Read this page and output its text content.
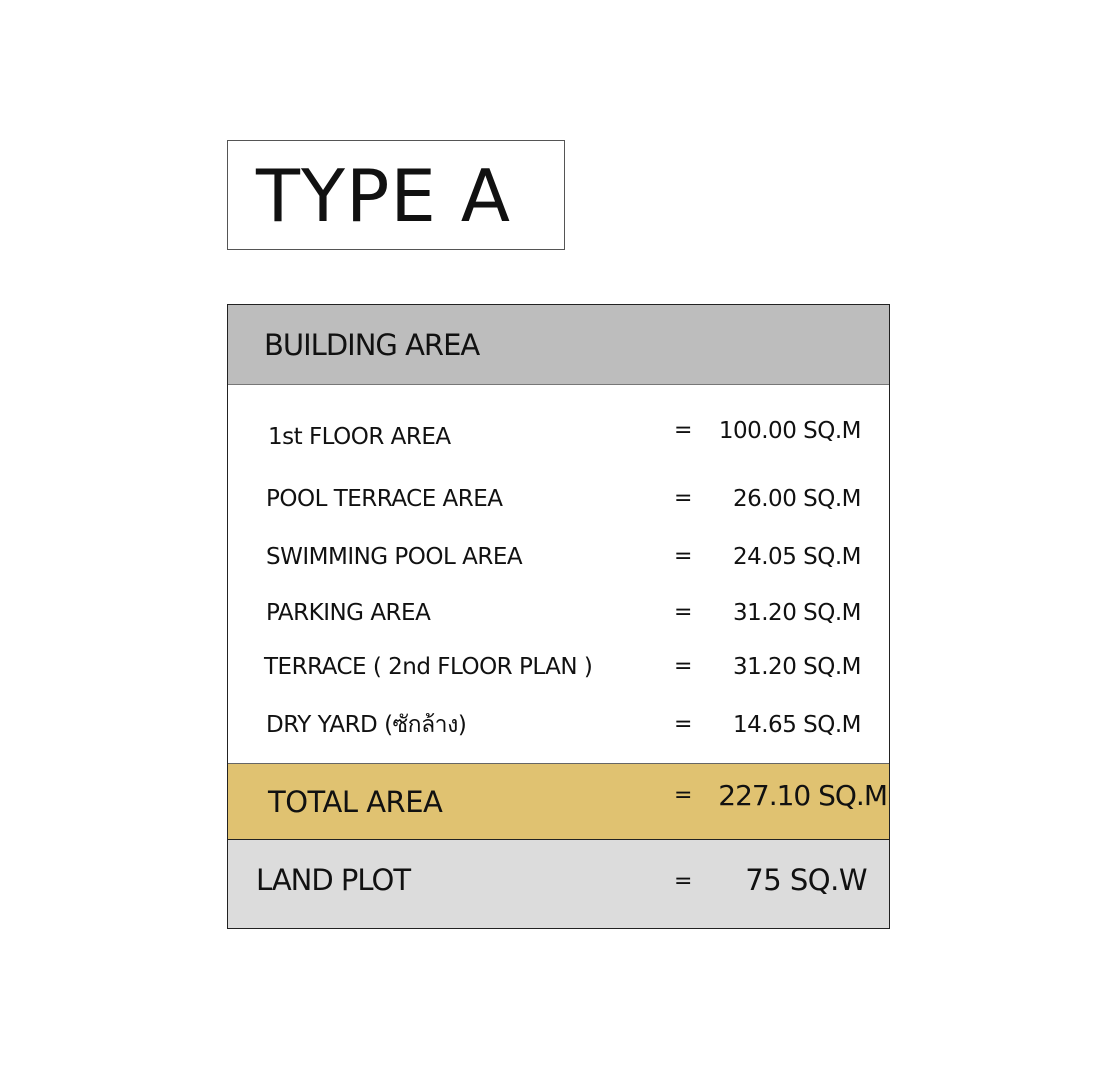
TYPE A
BUILDING AREA
1st FLOOR AREA	= 100.00 SQ.M
POOL TERRACE AREA	= 26.00 SQ.M
SWIMMING POOL AREA	= 24.05 SQ.M
PARKING AREA	= 31.20 SQ.M
TERRACE ( 2nd FLOOR PLAN )	= 31.20 SQ.M
DRY YARD (ซักล้าง)	= 14.65 SQ.M
TOTAL AREA	= 227.10 SQ.M
LAND PLOT	= 75 SQ.W
